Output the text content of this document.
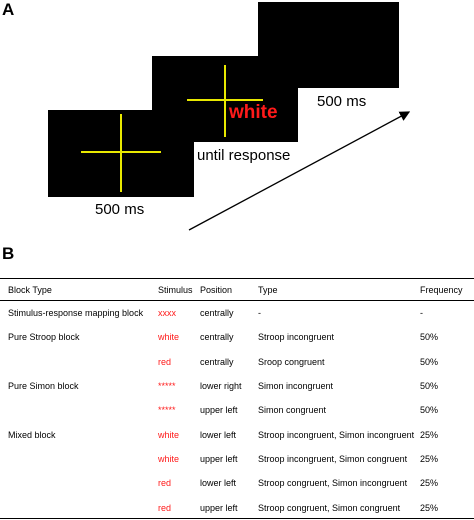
A
white
500 ms
until response
500 ms
B
Block Type	Stimulus	Position	Type	Frequency
Stimulus-response mapping block	xxxx	centrally	-	-
Pure Stroop block	white	centrally	Stroop incongruent	50%
	red	centrally	Sroop congruent	50%
Pure Simon block	*****	lower right	Simon incongruent	50%
	*****	upper left	Simon congruent	50%
Mixed block	white	lower left	Stroop incongruent, Simon incongruent	25%
	white	upper left	Stroop incongruent, Simon congruent	25%
	red	lower left	Stroop congruent, Simon incongruent	25%
	red	upper left	Stroop congruent, Simon congruent	25%
